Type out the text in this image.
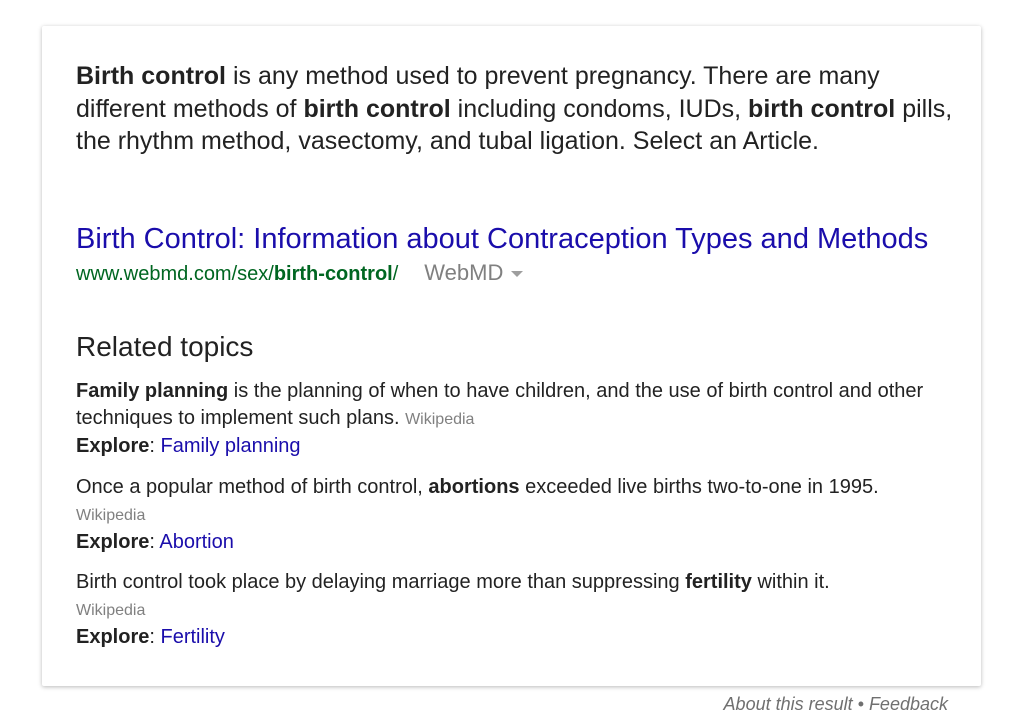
Birth control is any method used to prevent pregnancy. There are many different methods of birth control including condoms, IUDs, birth control pills, the rhythm method, vasectomy, and tubal ligation. Select an Article.
Birth Control: Information about Contraception Types and Methods
www.webmd.com/sex/birth-control/ WebMD
Related topics
Family planning is the planning of when to have children, and the use of birth control and other techniques to implement such plans. Wikipedia
Explore: Family planning
Once a popular method of birth control, abortions exceeded live births two-to-one in 1995. Wikipedia
Explore: Abortion
Birth control took place by delaying marriage more than suppressing fertility within it.
Wikipedia
Explore: Fertility
About this result • Feedback
